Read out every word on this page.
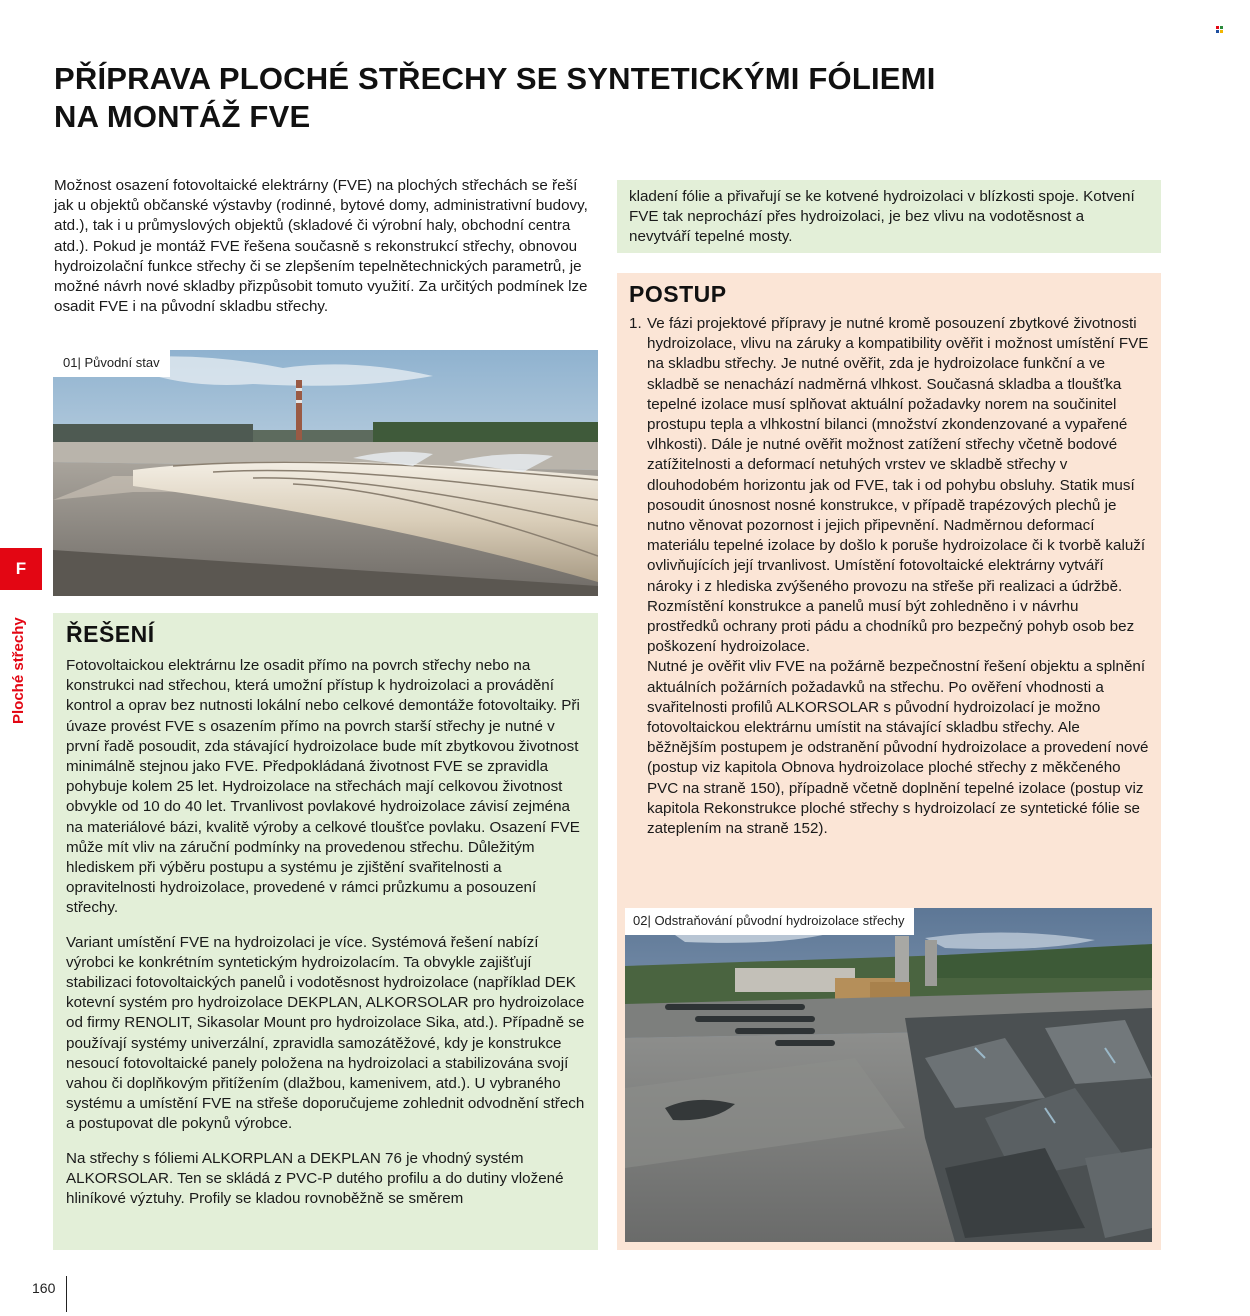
PŘÍPRAVA PLOCHÉ STŘECHY SE SYNTETICKÝMI FÓLIEMI
NA MONTÁŽ FVE

Možnost osazení fotovoltaické elektrárny (FVE) na plochých střechách se řeší jak u objektů občanské výstavby (rodinné, bytové domy, administrativní budovy, atd.), tak i u průmyslových objektů (skladové či výrobní haly, obchodní centra atd.). Pokud je montáž FVE řešena současně s rekonstrukcí střechy, obnovou hydroizolační funkce střechy či se zlepšením tepelnětechnických parametrů, je možné návrh nové skladby přizpůsobit tomuto využití. Za určitých podmínek lze osadit FVE i na původní skladbu střechy.

01| Původní stav
ŘEŠENÍ

Fotovoltaickou elektrárnu lze osadit přímo na povrch střechy nebo na konstrukci nad střechou, která umožní přístup k hydroizolaci a provádění kontrol a oprav bez nutnosti lokální nebo celkové demontáže fotovoltaiky. Při úvaze provést FVE s osazením přímo na povrch starší střechy je nutné v první řadě posoudit, zda stávající hydroizolace bude mít zbytkovou životnost minimálně stejnou jako FVE. Předpokládaná životnost FVE se zpravidla pohybuje kolem 25 let. Hydroizolace na střechách mají celkovou životnost obvykle od 10 do 40 let. Trvanlivost povlakové hydroizolace závisí zejména na materiálové bázi, kvalitě výroby a celkové tloušťce povlaku. Osazení FVE může mít vliv na záruční podmínky na provedenou střechu. Důležitým hlediskem při výběru postupu a systému je zjištění svařitelnosti a opravitelnosti hydroizolace, provedené v rámci průzkumu a posouzení střechy.

Variant umístění FVE na hydroizolaci je více. Systémová řešení nabízí výrobci ke konkrétním syntetickým hydroizolacím. Ta obvykle zajišťují stabilizaci fotovoltaických panelů i vodotěsnost hydroizolace (například DEK kotevní systém pro hydroizolace DEKPLAN, ALKORSOLAR pro hydroizolace od firmy RENOLIT, Sikasolar Mount pro hydroizolace Sika, atd.). Případně se používají systémy univerzální, zpravidla samozátěžové, kdy je konstrukce nesoucí fotovoltaické panely položena na hydroizolaci a stabilizována svojí vahou či doplňkovým přitížením (dlažbou, kamenivem, atd.). U vybraného systému a umístění FVE na střeše doporučujeme zohlednit odvodnění střech a postupovat dle pokynů výrobce.

Na střechy s fóliemi ALKORPLAN a DEKPLAN 76 je vhodný systém ALKORSOLAR. Ten se skládá z PVC-P dutého profilu a do dutiny vložené hliníkové výztuhy. Profily se kladou rovnoběžně se směrem

kladení fólie a přivařují se ke kotvené hydroizolaci v blízkosti spoje. Kotvení FVE tak neprochází přes hydroizolaci, je bez vlivu na vodotěsnost a nevytváří tepelné mosty.

POSTUP
1. Ve fázi projektové přípravy je nutné kromě posouzení zbytkové životnosti hydroizolace, vlivu na záruky a kompatibility ověřit i možnost umístění FVE na skladbu střechy. Je nutné ověřit, zda je hydroizolace funkční a ve skladbě se nenachází nadměrná vlhkost. Současná skladba a tloušťka tepelné izolace musí splňovat aktuální požadavky norem na součinitel prostupu tepla a vlhkostní bilanci (množství zkondenzované a vypařené vlhkosti). Dále je nutné ověřit možnost zatížení střechy včetně bodové zatížitelnosti a deformací netuhých vrstev ve skladbě střechy v dlouhodobém horizontu jak od FVE, tak i od pohybu obsluhy. Statik musí posoudit únosnost nosné konstrukce, v případě trapézových plechů je nutno věnovat pozornost i jejich připevnění. Nadměrnou deformací materiálu tepelné izolace by došlo k poruše hydroizolace či k tvorbě kaluží ovlivňujících její trvanlivost. Umístění fotovoltaické elektrárny vytváří nároky i z hlediska zvýšeného provozu na střeše při realizaci a údržbě. Rozmístění konstrukce a panelů musí být zohledněno i v návrhu prostředků ochrany proti pádu a chodníků pro bezpečný pohyb osob bez poškození hydroizolace.

Nutné je ověřit vliv FVE na požárně bezpečnostní řešení objektu a splnění aktuálních požárních požadavků na střechu. Po ověření vhodnosti a svařitelnosti profilů ALKORSOLAR s původní hydroizolací je možno fotovoltaickou elektrárnu umístit na stávající skladbu střechy. Ale běžnějším postupem je odstranění původní hydroizolace a provedení nové (postup viz kapitola Obnova hydroizolace ploché střechy z měkčeného PVC na straně 150), případně včetně doplnění tepelné izolace (postup viz kapitola Rekonstrukce ploché střechy s hydroizolací ze syntetické fólie se zateplením na straně 152).

02| Odstraňování původní hydroizolace střechy
F
Ploché střechy
160
